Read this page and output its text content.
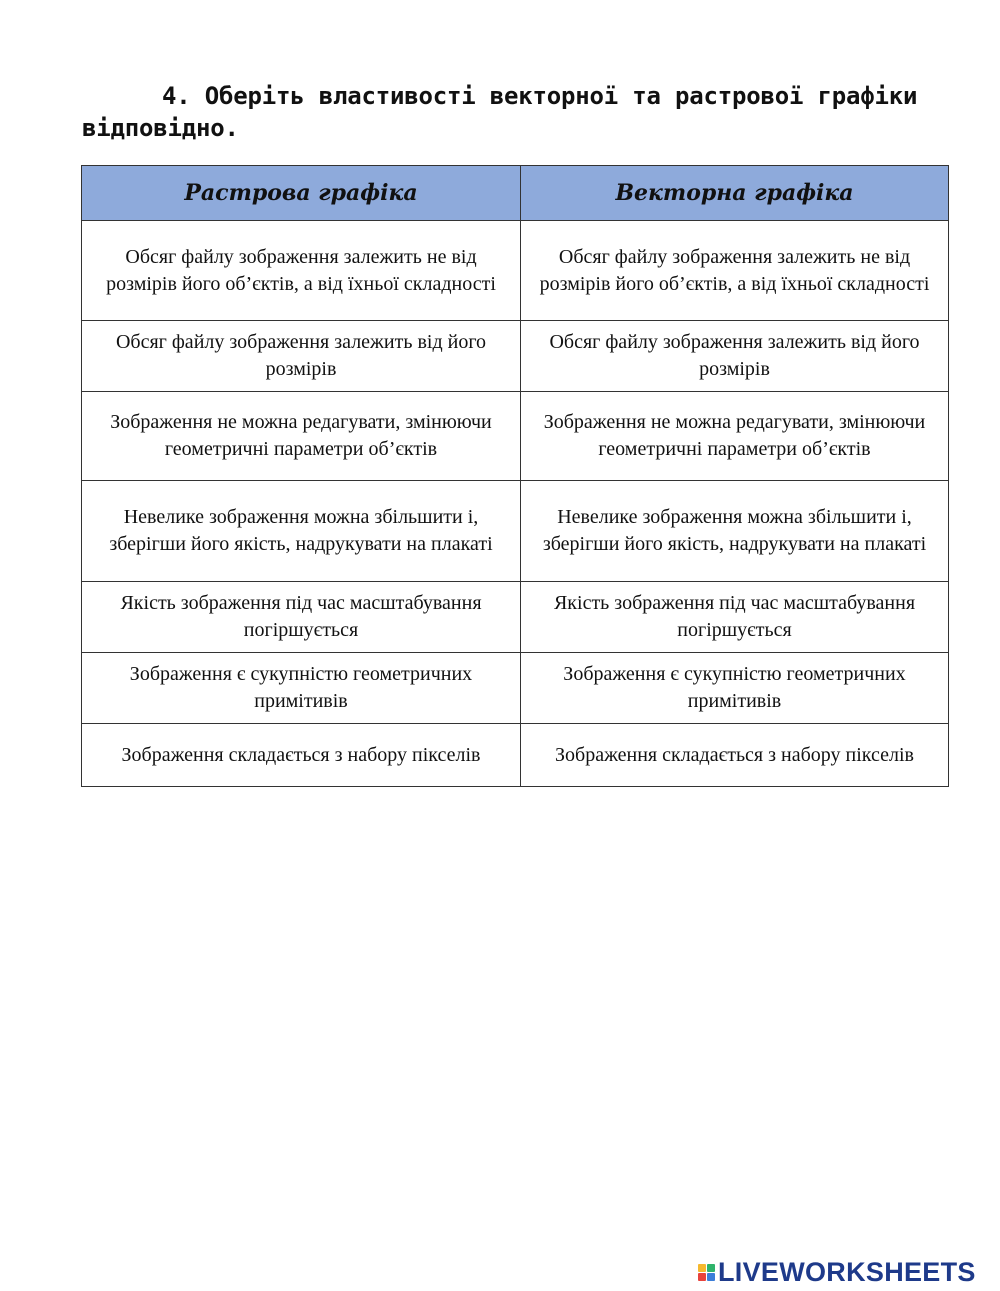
4. Оберіть властивості векторної та растрової графіки відповідно.

Растрова графіка	Векторна графіка
Обсяг файлу зображення залежить не від розмірів його об’єктів, а від їхньої складності	Обсяг файлу зображення залежить не від розмірів його об’єктів, а від їхньої складності
Обсяг файлу зображення залежить від його розмірів	Обсяг файлу зображення залежить від його розмірів
Зображення не можна редагувати, змінюючи геометричні параметри об’єктів	Зображення не можна редагувати, змінюючи геометричні параметри об’єктів
Невелике зображення можна збільшити і, зберігши його якість, надрукувати на плакаті	Невелике зображення можна збільшити і, зберігши його якість, надрукувати на плакаті
Якість зображення під час масштабування погіршується	Якість зображення під час масштабування погіршується
Зображення є сукупністю геометричних примітивів	Зображення є сукупністю геометричних примітивів
Зображення складається з набору пікселів	Зображення складається з набору пікселів
LIVEWORKSHEETS
